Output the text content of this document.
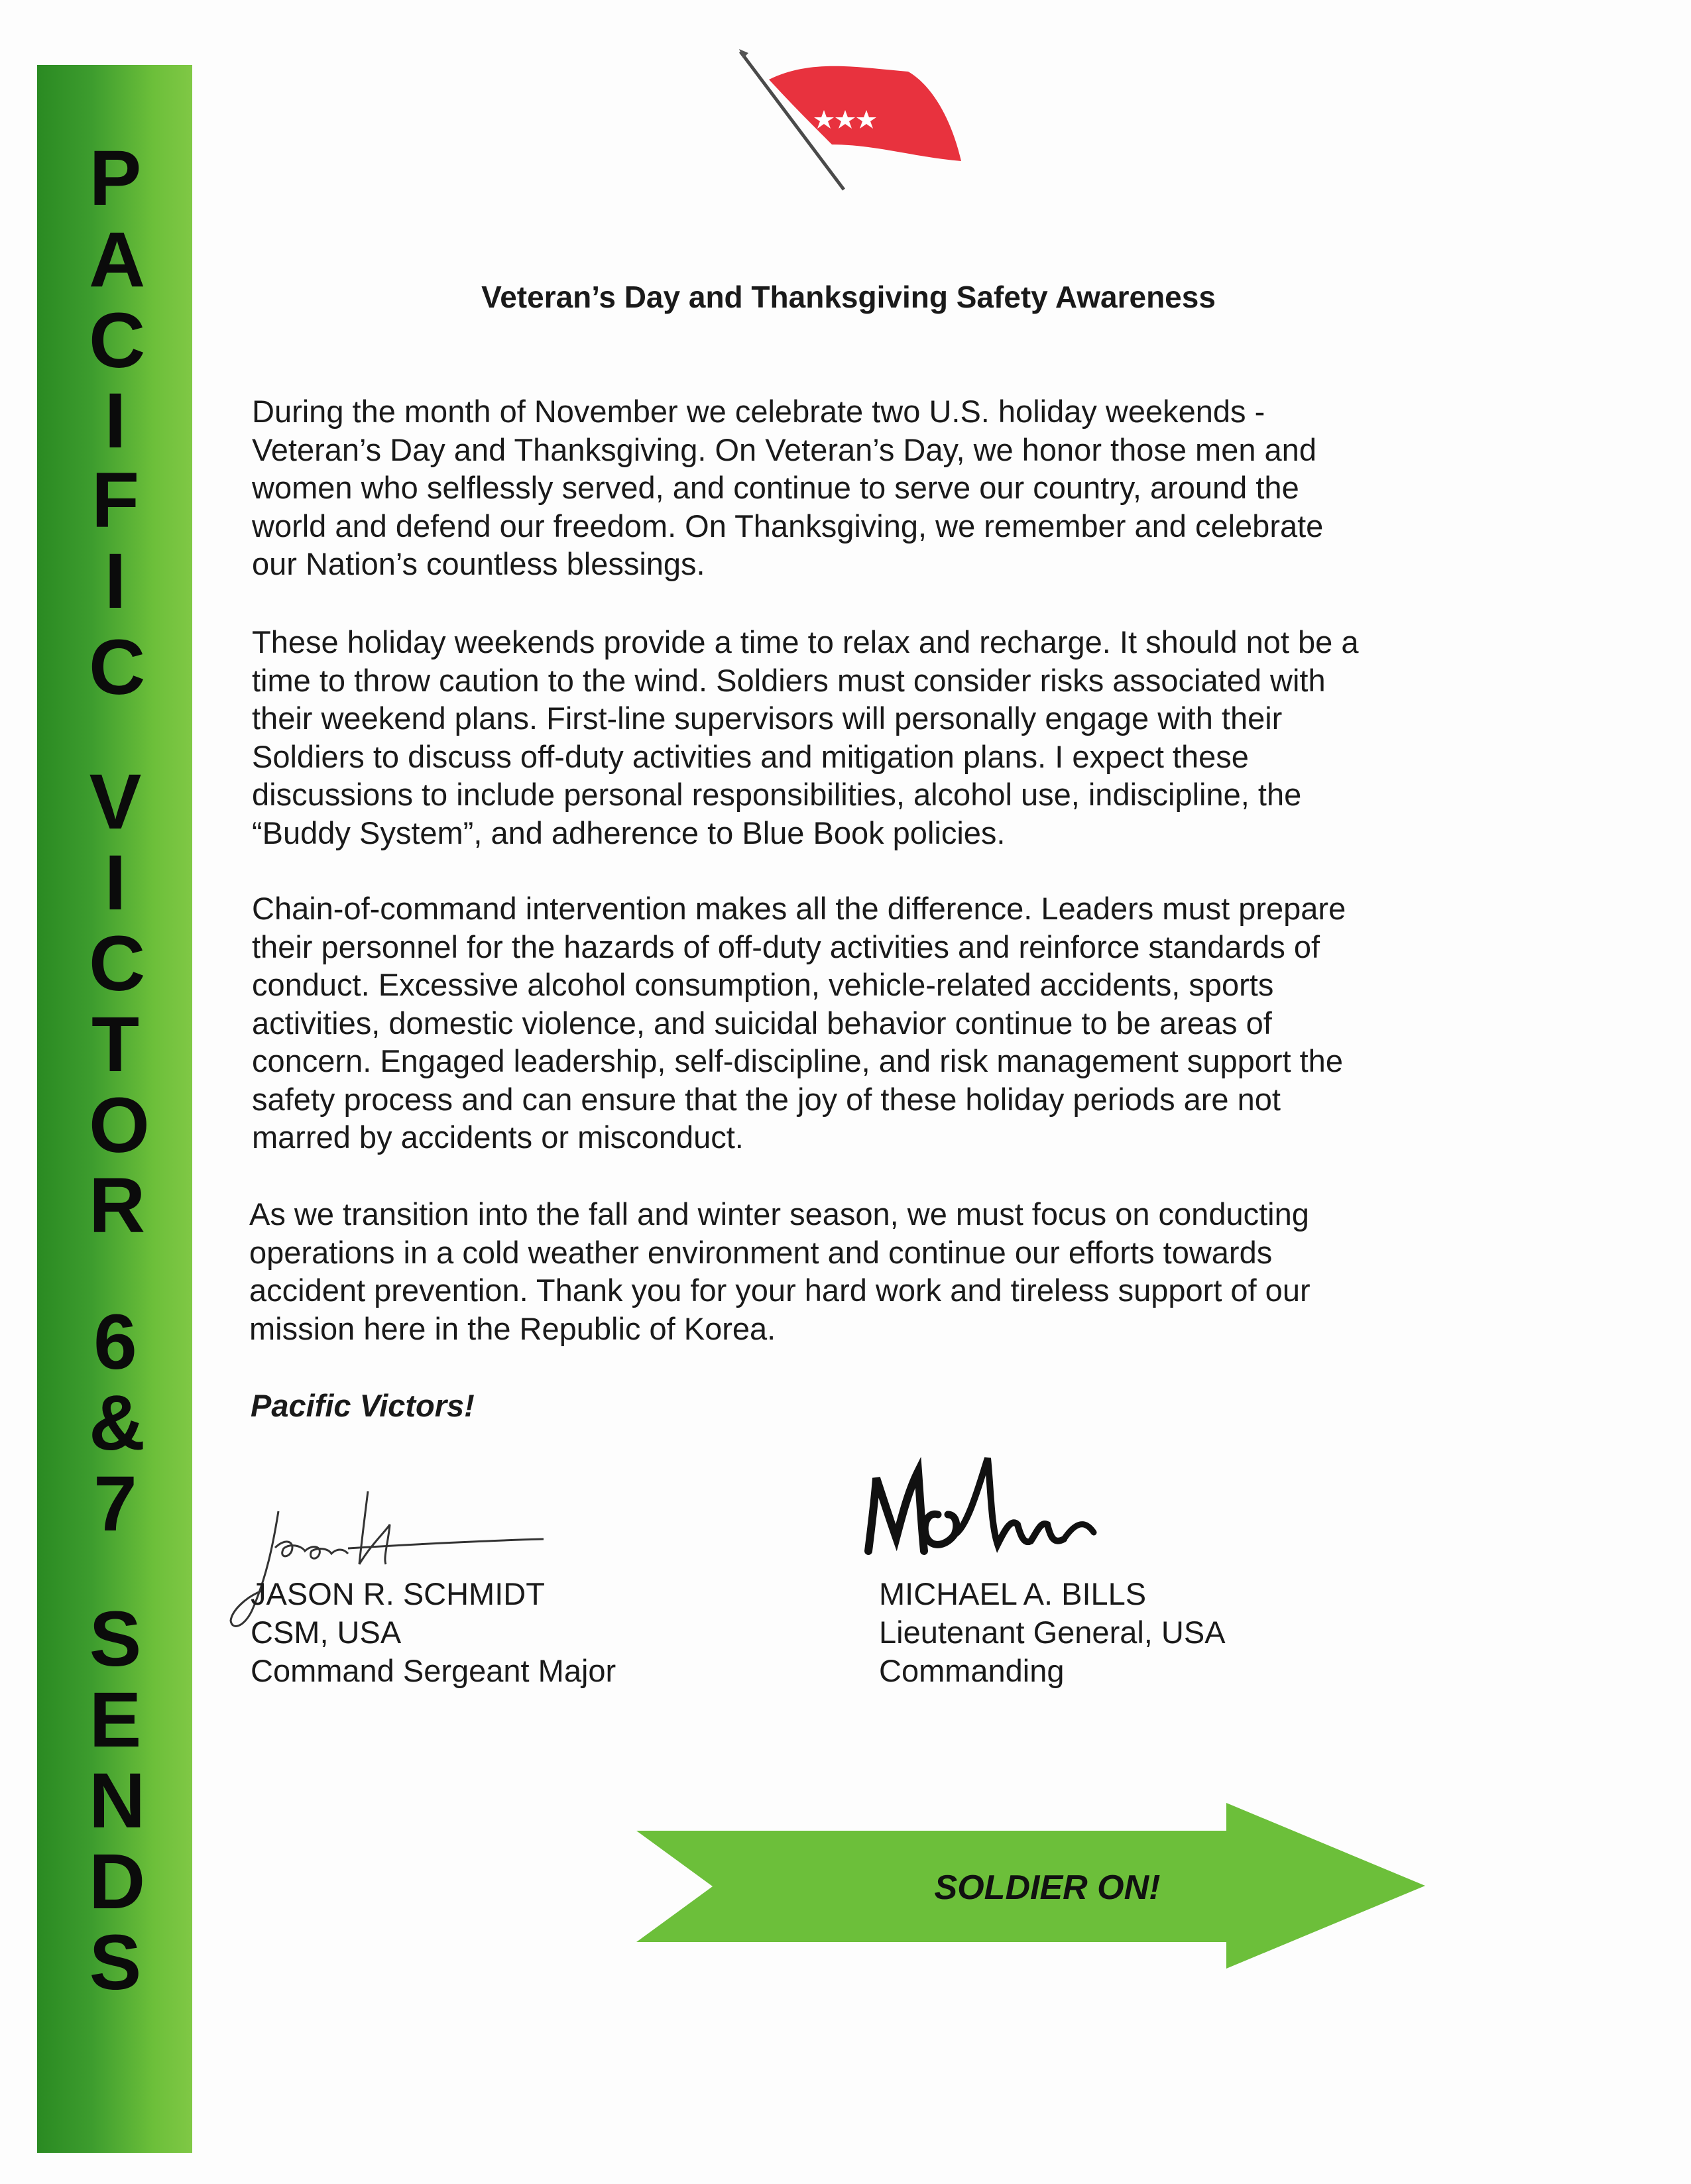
P
A
C
I
F
I
C
V
I
C
T
O
R
6
&
7
S
E
N
D
S
Veteran’s Day and Thanksgiving Safety Awareness
During the month of November we celebrate two U.S. holiday weekends -
Veteran’s Day and Thanksgiving. On Veteran’s Day, we honor those men and
women who selflessly served, and continue to serve our country, around the
world and defend our freedom. On Thanksgiving, we remember and celebrate
our Nation’s countless blessings.
These holiday weekends provide a time to relax and recharge. It should not be a
time to throw caution to the wind. Soldiers must consider risks associated with
their weekend plans. First-line supervisors will personally engage with their
Soldiers to discuss off-duty activities and mitigation plans. I expect these
discussions to include personal responsibilities, alcohol use, indiscipline, the
“Buddy System”, and adherence to Blue Book policies.
Chain-of-command intervention makes all the difference. Leaders must prepare
their personnel for the hazards of off-duty activities and reinforce standards of
conduct. Excessive alcohol consumption, vehicle-related accidents, sports
activities, domestic violence, and suicidal behavior continue to be areas of
concern. Engaged leadership, self-discipline, and risk management support the
safety process and can ensure that the joy of these holiday periods are not
marred by accidents or misconduct.
As we transition into the fall and winter season, we must focus on conducting
operations in a cold weather environment and continue our efforts towards
accident prevention. Thank you for your hard work and tireless support of our
mission here in the Republic of Korea.
Pacific Victors!
JASON R. SCHMIDT
CSM, USA
Command Sergeant Major
MICHAEL A. BILLS
Lieutenant General, USA
Commanding
SOLDIER ON!
